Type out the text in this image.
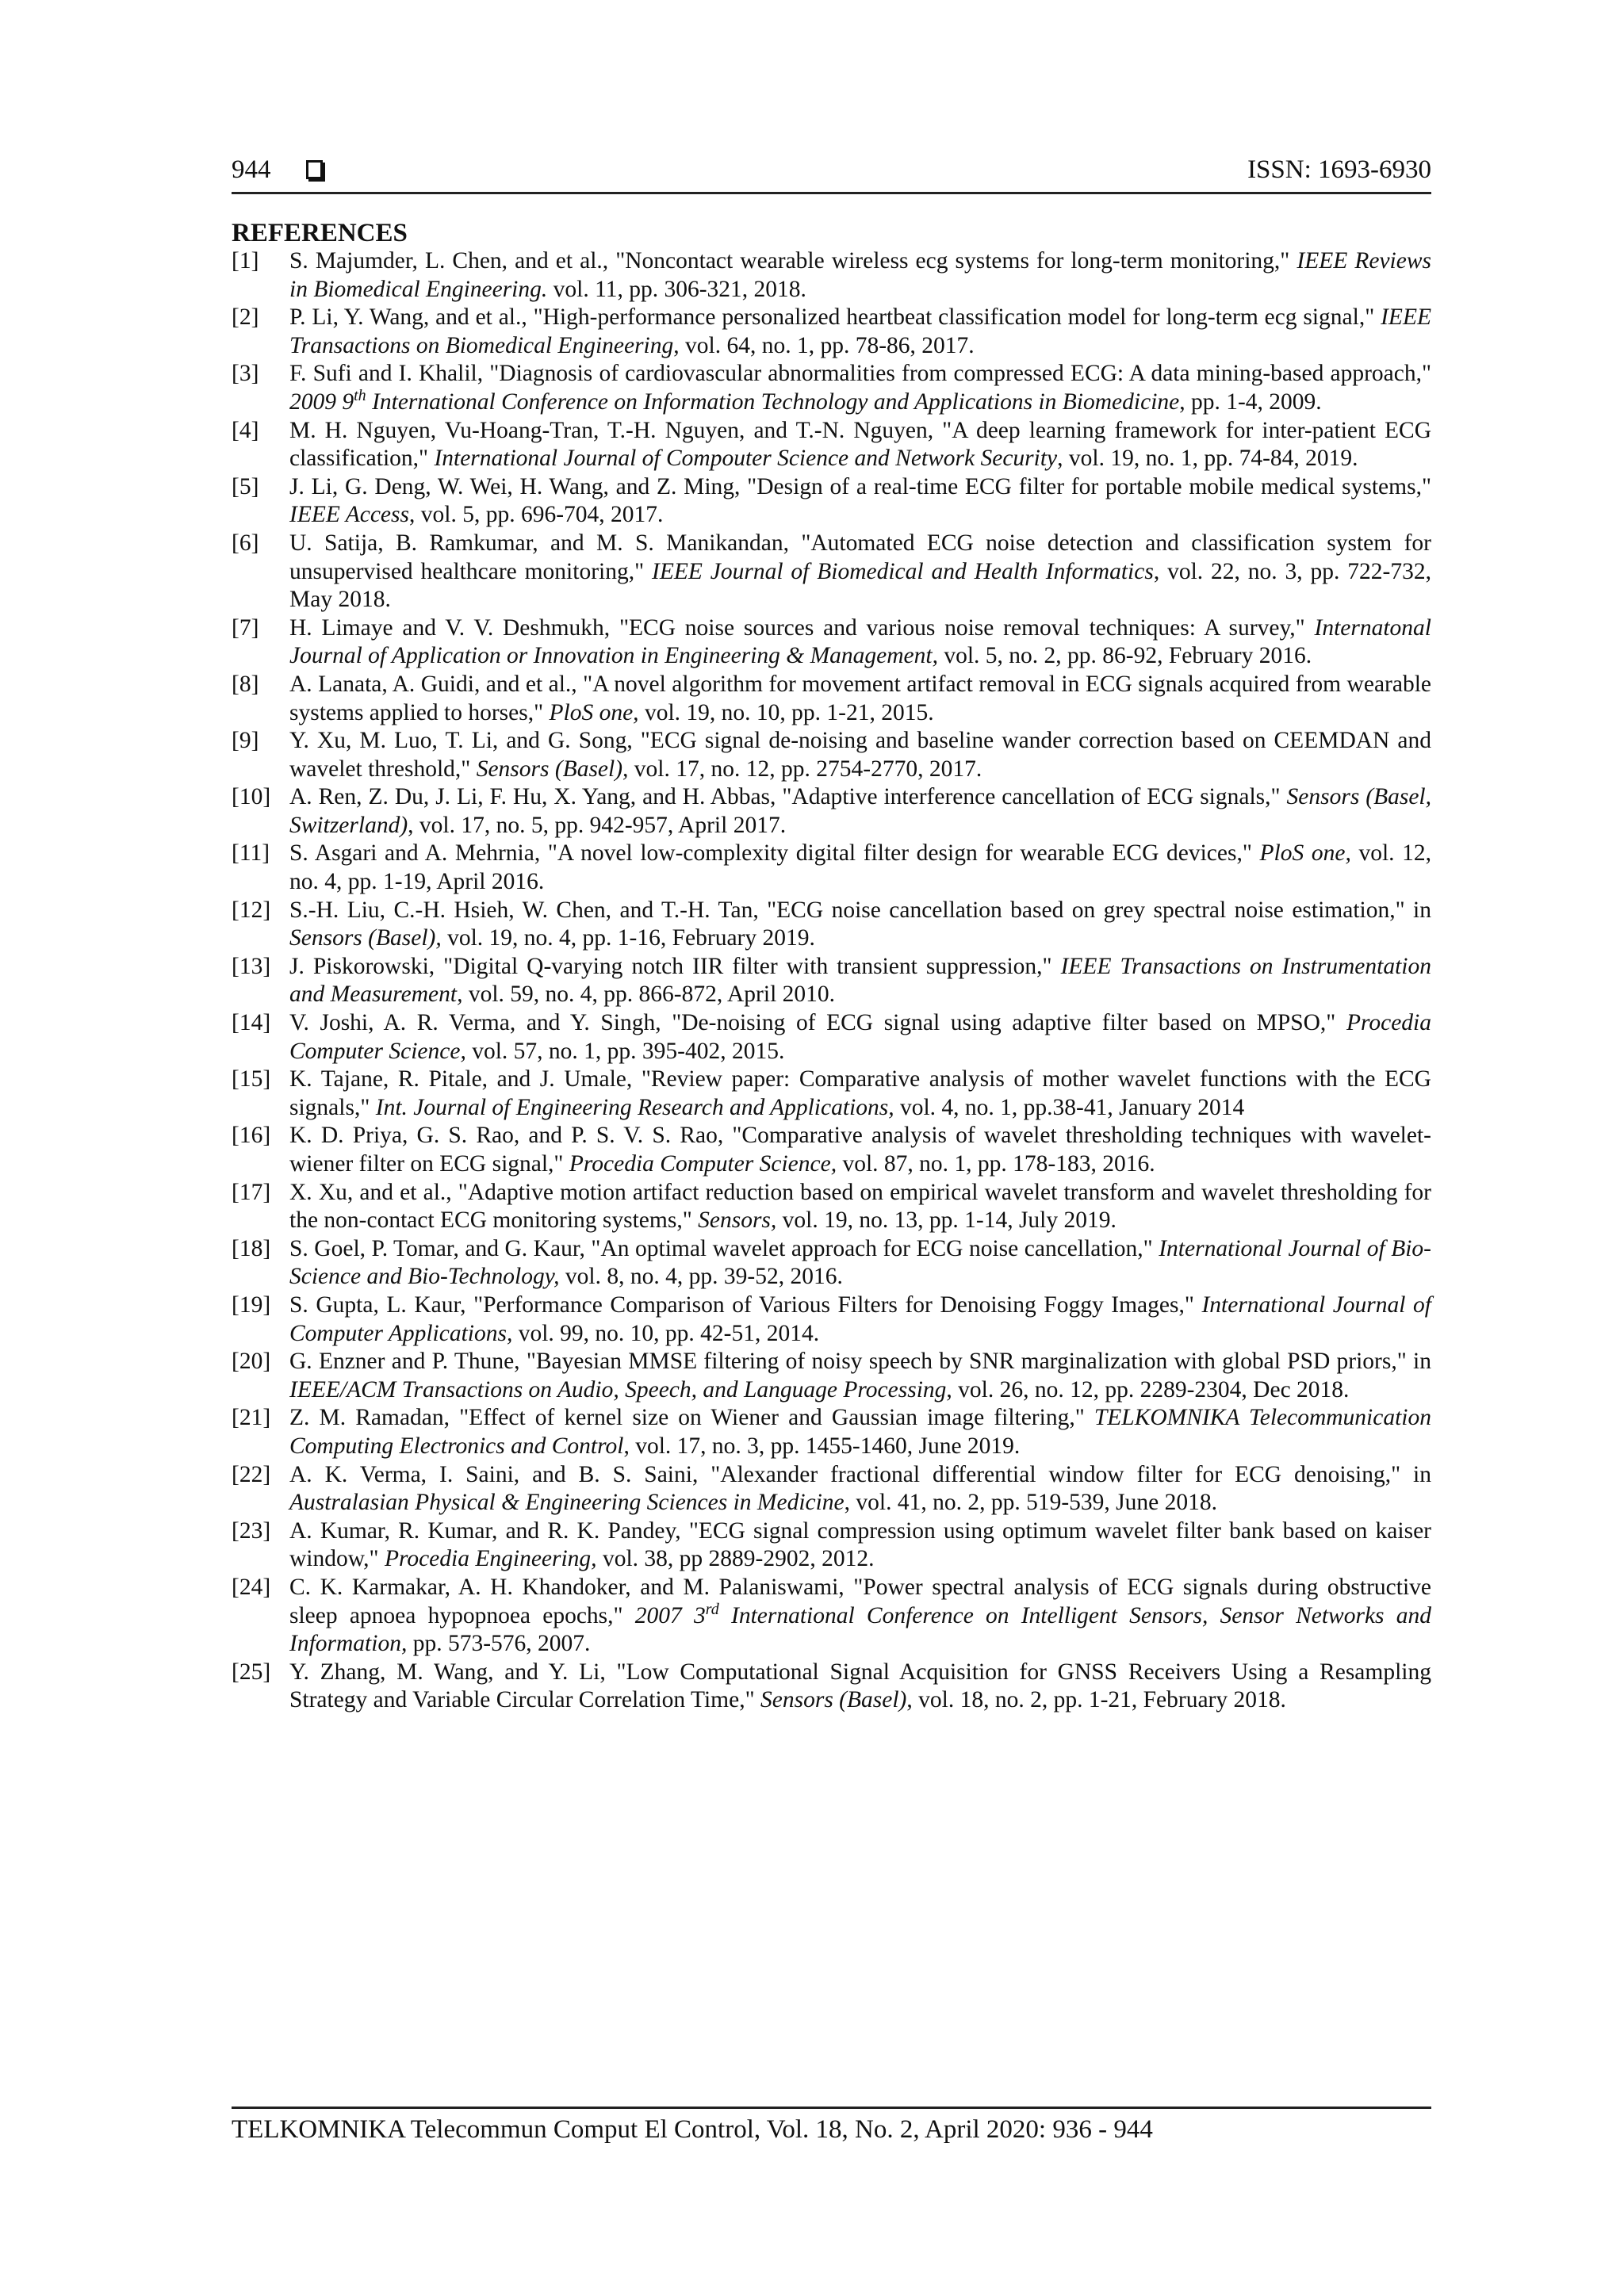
944	ISSN: 1693-6930
REFERENCES
[1]	S. Majumder, L. Chen, and et al., "Noncontact wearable wireless ecg systems for long-term monitoring," IEEE Reviews in Biomedical Engineering. vol. 11, pp. 306-321, 2018.
[2]	P. Li, Y. Wang, and et al., "High-performance personalized heartbeat classification model for long-term ecg signal," IEEE Transactions on Biomedical Engineering, vol. 64, no. 1, pp. 78-86, 2017.
[3]	F. Sufi and I. Khalil, "Diagnosis of cardiovascular abnormalities from compressed ECG: A data mining-based approach," 2009 9th International Conference on Information Technology and Applications in Biomedicine, pp. 1-4, 2009.
[4]	M. H. Nguyen, Vu-Hoang-Tran, T.-H. Nguyen, and T.-N. Nguyen, "A deep learning framework for inter-patient ECG classification," International Journal of Compouter Science and Network Security, vol. 19, no. 1, pp. 74-84, 2019.
[5]	J. Li, G. Deng, W. Wei, H. Wang, and Z. Ming, "Design of a real-time ECG filter for portable mobile medical systems," IEEE Access, vol. 5, pp. 696-704, 2017.
[6]	U. Satija, B. Ramkumar, and M. S. Manikandan, "Automated ECG noise detection and classification system for unsupervised healthcare monitoring," IEEE Journal of Biomedical and Health Informatics, vol. 22, no. 3, pp. 722-732, May 2018.
[7]	H. Limaye and V. V. Deshmukh, "ECG noise sources and various noise removal techniques: A survey," Internatonal Journal of Application or Innovation in Engineering & Management, vol. 5, no. 2, pp. 86-92, February 2016.
[8]	A. Lanata, A. Guidi, and et al., "A novel algorithm for movement artifact removal in ECG signals acquired from wearable systems applied to horses," PloS one, vol. 19, no. 10, pp. 1-21, 2015.
[9]	Y. Xu, M. Luo, T. Li, and G. Song, "ECG signal de-noising and baseline wander correction based on CEEMDAN and wavelet threshold," Sensors (Basel), vol. 17, no. 12, pp. 2754-2770, 2017.
[10] A. Ren, Z. Du, J. Li, F. Hu, X. Yang, and H. Abbas, "Adaptive interference cancellation of ECG signals," Sensors (Basel, Switzerland), vol. 17, no. 5, pp. 942-957, April 2017.
[11] S. Asgari and A. Mehrnia, "A novel low-complexity digital filter design for wearable ECG devices," PloS one, vol. 12, no. 4, pp. 1-19, April 2016.
[12] S.-H. Liu, C.-H. Hsieh, W. Chen, and T.-H. Tan, "ECG noise cancellation based on grey spectral noise estimation," in Sensors (Basel), vol. 19, no. 4, pp. 1-16, February 2019.
[13] J. Piskorowski, "Digital Q-varying notch IIR filter with transient suppression," IEEE Transactions on Instrumentation and Measurement, vol. 59, no. 4, pp. 866-872, April 2010.
[14] V. Joshi, A. R. Verma, and Y. Singh, "De-noising of ECG signal using adaptive filter based on MPSO," Procedia Computer Science, vol. 57, no. 1, pp. 395-402, 2015.
[15] K. Tajane, R. Pitale, and J. Umale, "Review paper: Comparative analysis of mother wavelet functions with the ECG signals," Int. Journal of Engineering Research and Applications, vol. 4, no. 1, pp.38-41, January 2014
[16] K. D. Priya, G. S. Rao, and P. S. V. S. Rao, "Comparative analysis of wavelet thresholding techniques with wavelet-wiener filter on ECG signal," Procedia Computer Science, vol. 87, no. 1, pp. 178-183, 2016.
[17] X. Xu, and et al., "Adaptive motion artifact reduction based on empirical wavelet transform and wavelet thresholding for the non-contact ECG monitoring systems," Sensors, vol. 19, no. 13, pp. 1-14, July 2019.
[18] S. Goel, P. Tomar, and G. Kaur, "An optimal wavelet approach for ECG noise cancellation," International Journal of Bio-Science and Bio-Technology, vol. 8, no. 4, pp. 39-52, 2016.
[19] S. Gupta, L. Kaur, "Performance Comparison of Various Filters for Denoising Foggy Images," International Journal of Computer Applications, vol. 99, no. 10, pp. 42-51, 2014.
[20] G. Enzner and P. Thune, "Bayesian MMSE filtering of noisy speech by SNR marginalization with global PSD priors," in IEEE/ACM Transactions on Audio, Speech, and Language Processing, vol. 26, no. 12, pp. 2289-2304, Dec 2018.
[21] Z. M. Ramadan, "Effect of kernel size on Wiener and Gaussian image filtering," TELKOMNIKA Telecommunication Computing Electronics and Control, vol. 17, no. 3, pp. 1455-1460, June 2019.
[22] A. K. Verma, I. Saini, and B. S. Saini, "Alexander fractional differential window filter for ECG denoising," in Australasian Physical & Engineering Sciences in Medicine, vol. 41, no. 2, pp. 519-539, June 2018.
[23] A. Kumar, R. Kumar, and R. K. Pandey, "ECG signal compression using optimum wavelet filter bank based on kaiser window," Procedia Engineering, vol. 38, pp 2889-2902, 2012.
[24] C. K. Karmakar, A. H. Khandoker, and M. Palaniswami, "Power spectral analysis of ECG signals during obstructive sleep apnoea hypopnoea epochs," 2007 3rd International Conference on Intelligent Sensors, Sensor Networks and Information, pp. 573-576, 2007.
[25] Y. Zhang, M. Wang, and Y. Li, "Low Computational Signal Acquisition for GNSS Receivers Using a Resampling Strategy and Variable Circular Correlation Time," Sensors (Basel), vol. 18, no. 2, pp. 1-21, February 2018.
TELKOMNIKA Telecommun Comput El Control, Vol. 18, No. 2, April 2020: 936 - 944
